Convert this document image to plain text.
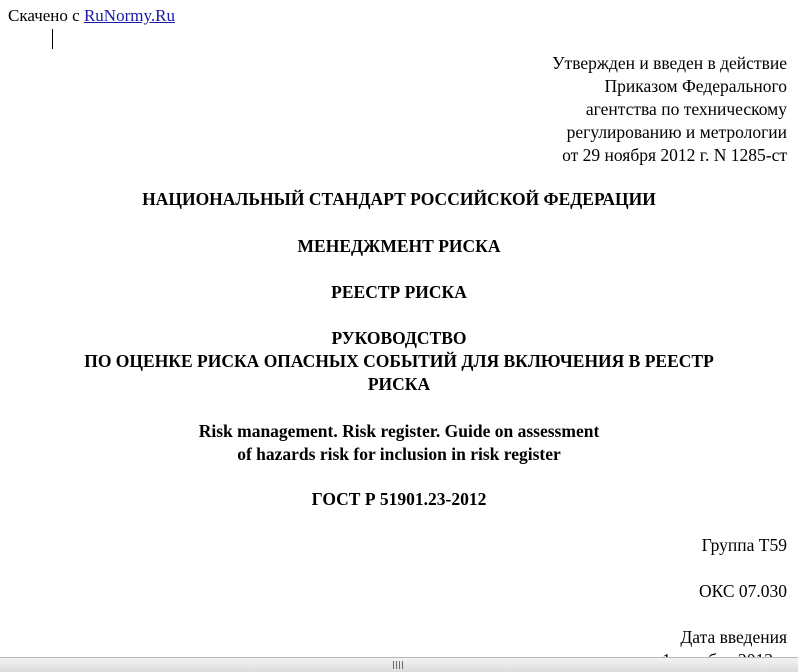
Скачено с RuNormy.Ru
Утвержден и введен в действие
Приказом Федерального
агентства по техническому
регулированию и метрологии
от 29 ноября 2012 г. N 1285-ст
НАЦИОНАЛЬНЫЙ СТАНДАРТ РОССИЙСКОЙ ФЕДЕРАЦИИ
МЕНЕДЖМЕНТ РИСКА
РЕЕСТР РИСКА
РУКОВОДСТВО
ПО ОЦЕНКЕ РИСКА ОПАСНЫХ СОБЫТИЙ ДЛЯ ВКЛЮЧЕНИЯ В РЕЕСТР
РИСКА
Risk management. Risk register. Guide on assessment
of hazards risk for inclusion in risk register
ГОСТ Р 51901.23-2012
Группа Т59
ОКС 07.030
Дата введения
